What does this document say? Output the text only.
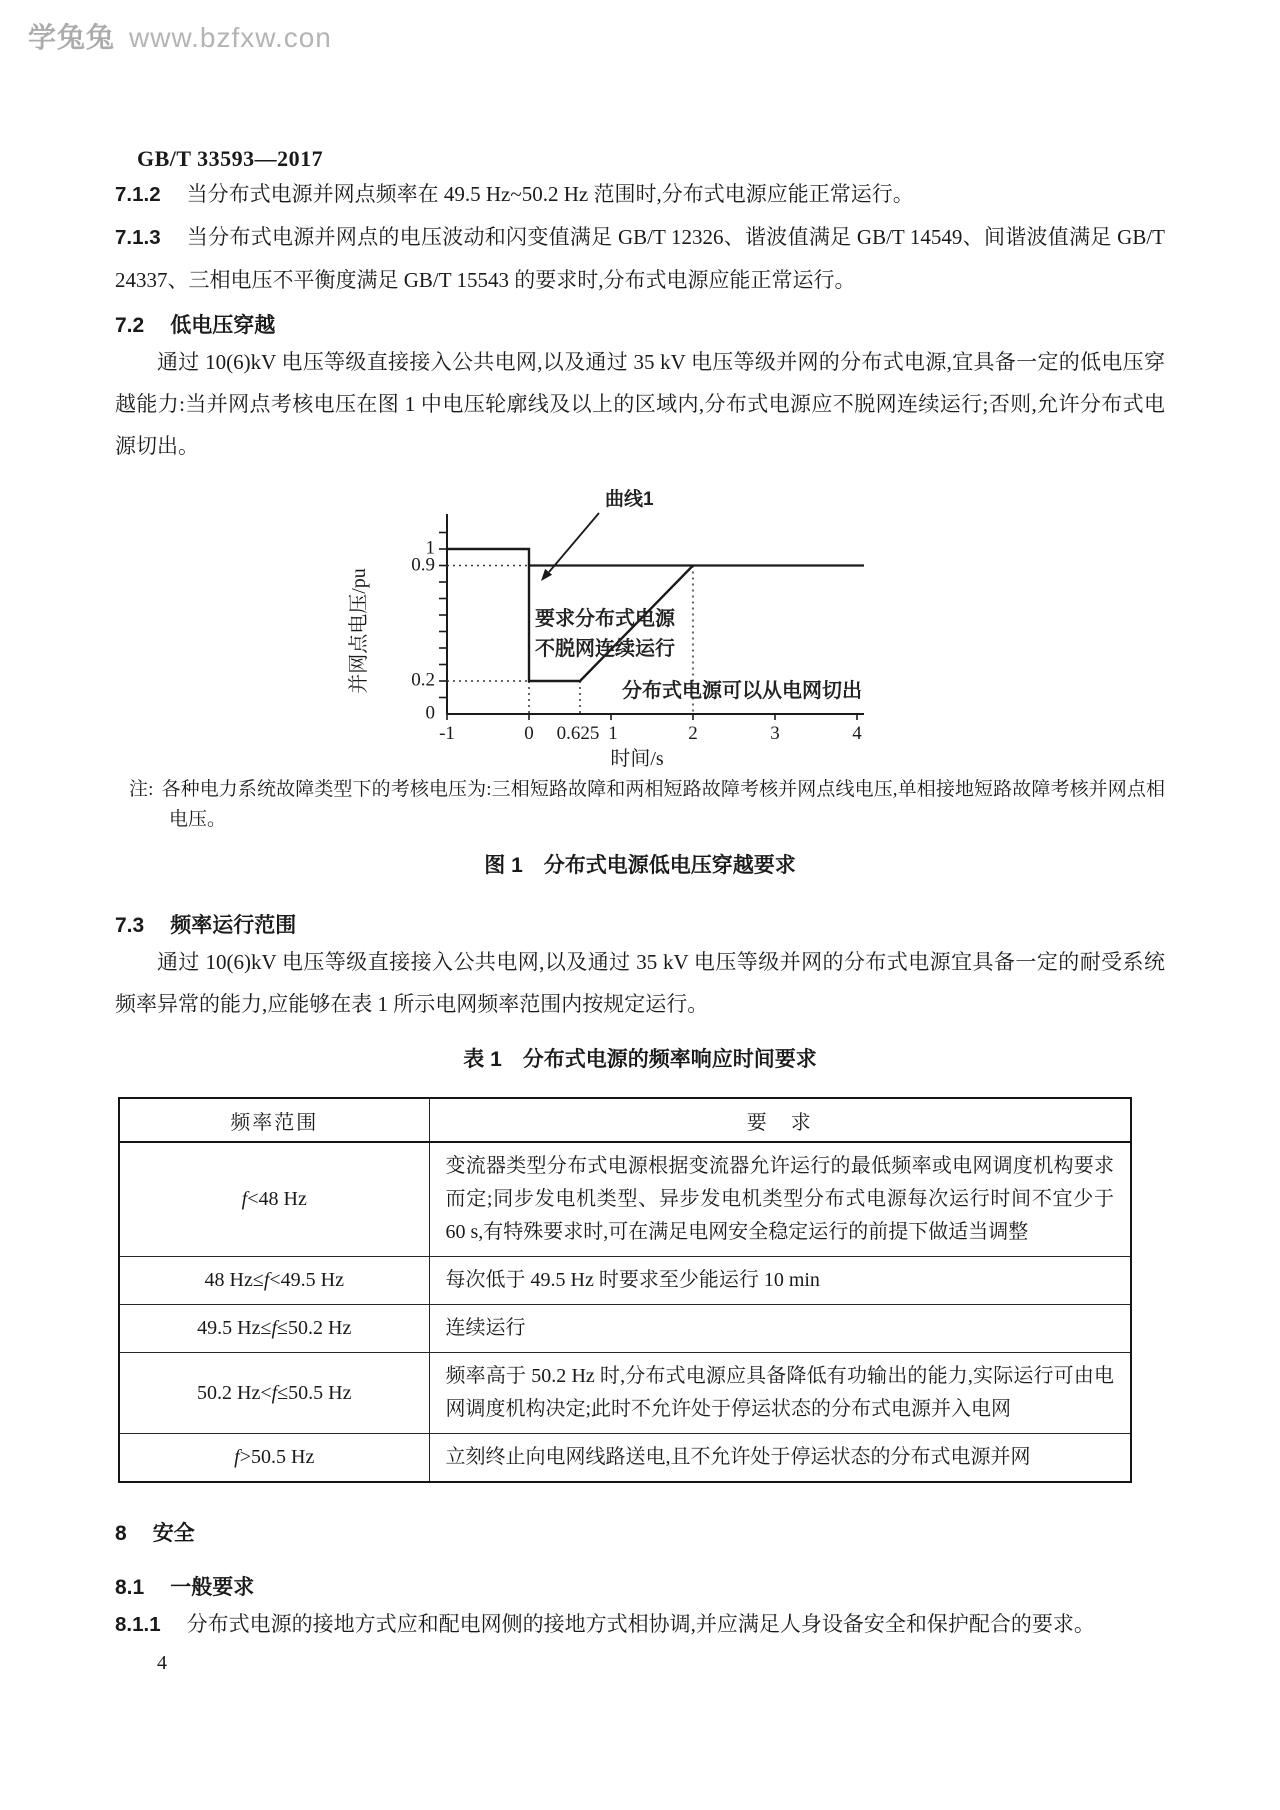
学兔兔 www.bzfxw.con
GB/T 33593—2017

7.1.2 当分布式电源并网点频率在 49.5 Hz~50.2 Hz 范围时,分布式电源应能正常运行。

7.1.3 当分布式电源并网点的电压波动和闪变值满足 GB/T 12326、谐波值满足 GB/T 14549、间谐波值满足 GB/T 24337、三相电压不平衡度满足 GB/T 15543 的要求时,分布式电源应能正常运行。

7.2 低电压穿越

通过 10(6)kV 电压等级直接接入公共电网,以及通过 35 kV 电压等级并网的分布式电源,宜具备一定的低电压穿越能力:当并网点考核电压在图 1 中电压轮廓线及以上的区域内,分布式电源应不脱网连续运行;否则,允许分布式电源切出。

1
0.9
0.2
0
-1	0 0.625 1	2	3	4
时间/s
并网点电压/pu
曲线1
要求分布式电源
不脱网连续运行
分布式电源可以从电网切出
注: 各种电力系统故障类型下的考核电压为:三相短路故障和两相短路故障考核并网点线电压,单相接地短路故障考核并网点相电压。

图 1　分布式电源低电压穿越要求

7.3 频率运行范围

通过 10(6)kV 电压等级直接接入公共电网,以及通过 35 kV 电压等级并网的分布式电源宜具备一定的耐受系统频率异常的能力,应能够在表 1 所示电网频率范围内按规定运行。

表 1　分布式电源的频率响应时间要求

频率范围	要　求
f<48 Hz	变流器类型分布式电源根据变流器允许运行的最低频率或电网调度机构要求而定;同步发电机类型、异步发电机类型分布式电源每次运行时间不宜少于 60 s,有特殊要求时,可在满足电网安全稳定运行的前提下做适当调整
48 Hz≤f<49.5 Hz	每次低于 49.5 Hz 时要求至少能运行 10 min
49.5 Hz≤f≤50.2 Hz	连续运行
50.2 Hz<f≤50.5 Hz	频率高于 50.2 Hz 时,分布式电源应具备降低有功输出的能力,实际运行可由电网调度机构决定;此时不允许处于停运状态的分布式电源并入电网
f>50.5 Hz	立刻终止向电网线路送电,且不允许处于停运状态的分布式电源并网
8 安全
8.1 一般要求

8.1.1 分布式电源的接地方式应和配电网侧的接地方式相协调,并应满足人身设备安全和保护配合的要求。

4
